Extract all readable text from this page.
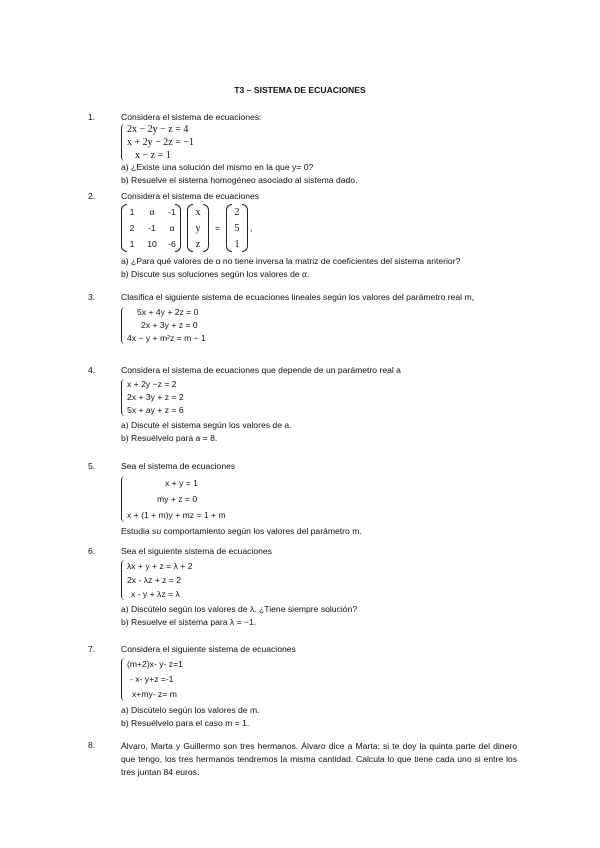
T3 – SISTEMA DE ECUACIONES
1.	Considera el sistema de ecuaciones:
2x − 2y − z = 4
x + 2y − 2z = −1
x − z = 1
a) ¿Existe una solución del mismo en la que y= 0?
b) Resuelve el sistema homogéneo asociado al sistema dado.
2.	Considera el sistema de ecuaciones
1	α -1
2	-1 α
1	10 -6
x
y
z
=
2
5
1
,
a) ¿Para qué valores de α no tiene inversa la matriz de coeficientes del sistema anterior?
b) Discute sus soluciones según los valores de α.
3.	Clasifica el siguiente sistema de ecuaciones lineales según los valores del parámetro real m,
5x + 4y + 2z = 0
2x + 3y + z = 0
4x − y + m²z = m − 1
4.	Considera el sistema de ecuaciones que depende de un parámetro real a
x + 2y −z = 2
2x + 3y + z = 2
5x + ay + z = 6
a) Discute el sistema según los valores de a.
b) Resuélvelo para a = 8.
5.	Sea el sistema de ecuaciones
x + y = 1
my + z = 0
x + (1 + m)y + mz = 1 + m
Estudia su comportamiento según los valores del parámetro m.
6.	Sea el siguiente sistema de ecuaciones
λx + y + z = λ + 2
2x - λz + z = 2
x - y + λz = λ
a) Discútelo según los valores de λ. ¿Tiene siempre solución?
b) Resuelve el sistema para λ = −1.
7.	Considera el siguiente sistema de ecuaciones
(m+2)x- y- z=1
- x- y+z =-1
x+my- z= m
a) Discútelo según los valores de m.
b) Resuélvelo para el caso m = 1.
8.	Álvaro, Marta y Guillermo son tres hermanos. Álvaro dice a Marta: si te doy la quinta parte del dinero que tengo, los tres hermanos tendremos la misma cantidad. Calcula lo que tiene cada uno si entre los tres juntan 84 euros.
